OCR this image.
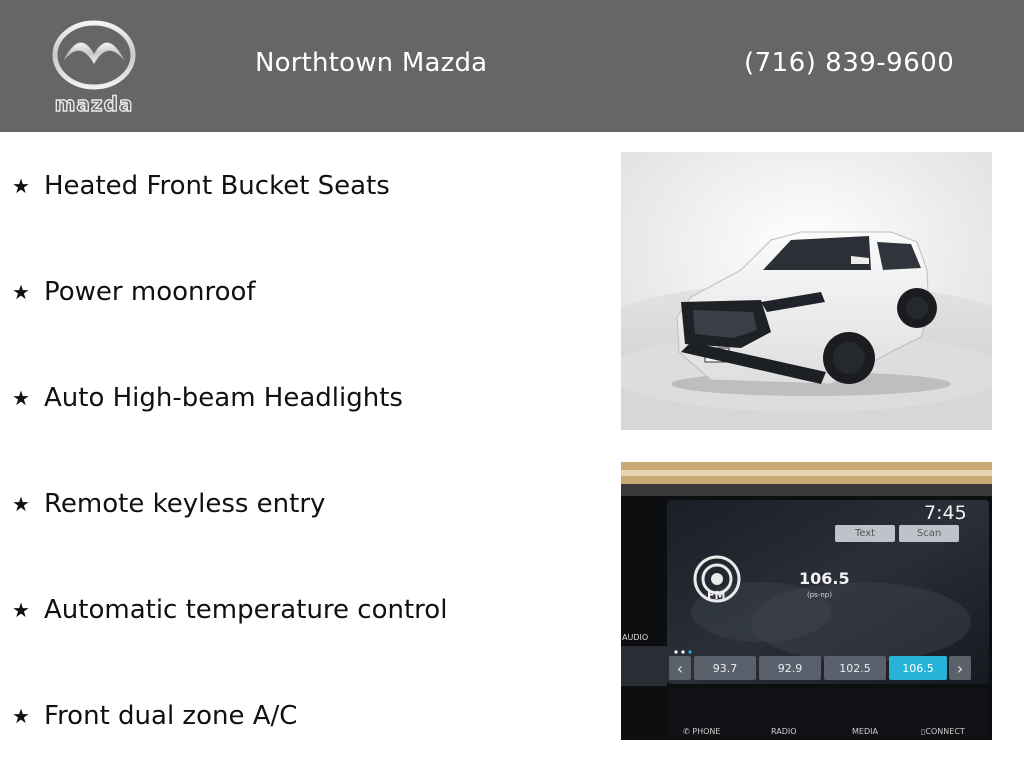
mazda
Northtown Mazda	(716) 839-9600
★ Heated Front Bucket Seats
★ Power moonroof
★ Auto High-beam Headlights
★ Remote keyless entry
★ Automatic temperature control
★ Front dual zone A/C
7:45
Text	Scan
FM
106.5
(ps-np)
AUDIO
‹	93.7	92.9	102.5	106.5	›
✆ PHONE	RADIO	MEDIA	▯CONNECT
